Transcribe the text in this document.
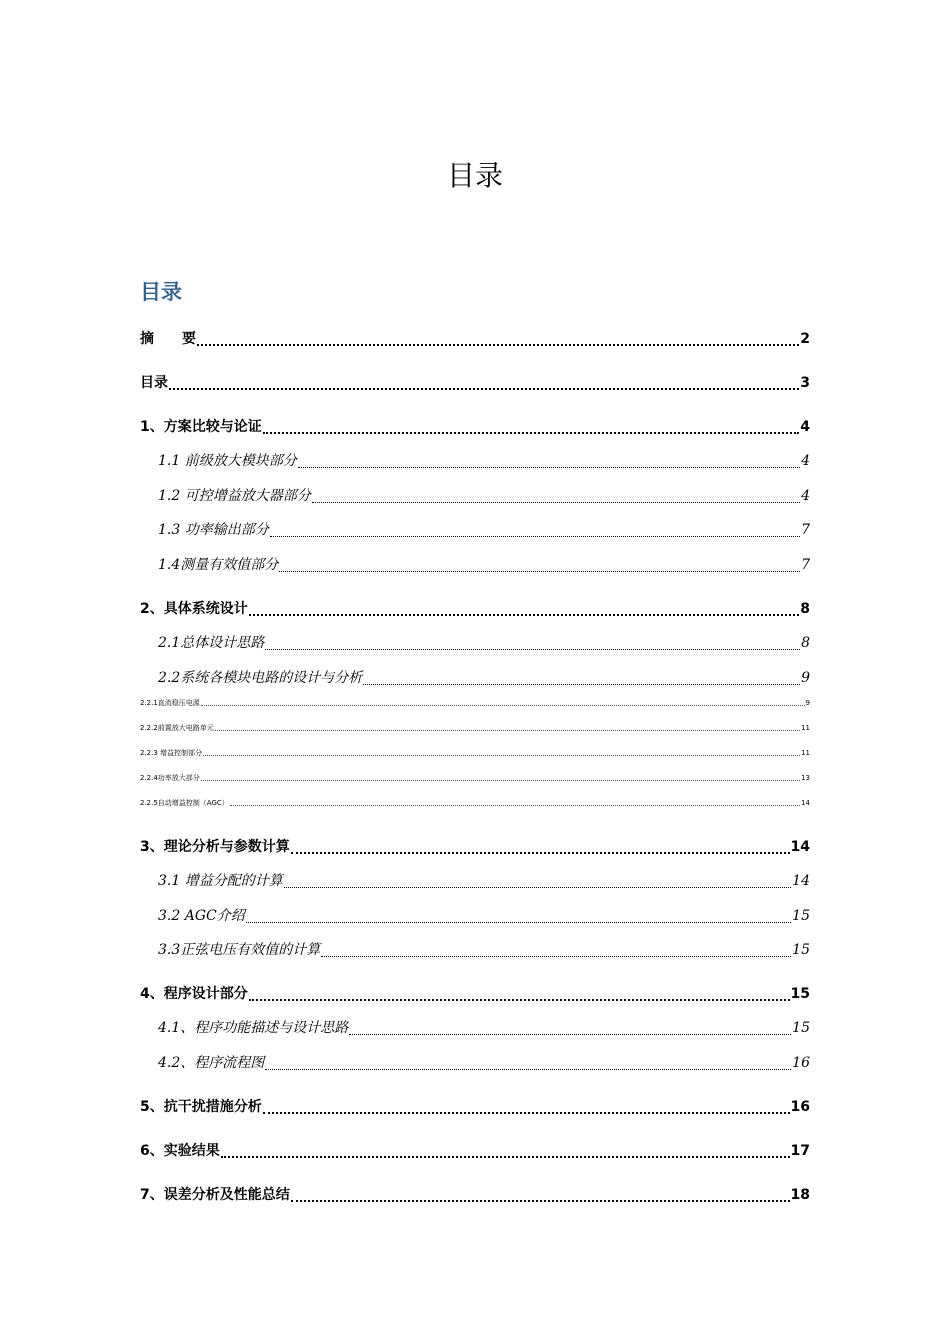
目录
目录
摘　　要	2
目录	3
1、方案比较与论证	4
1.1 前级放大模块部分	4
1.2 可控增益放大器部分	4
1.3 功率输出部分	7
1.4测量有效值部分	7
2、具体系统设计	8
2.1总体设计思路	8
2.2系统各模块电路的设计与分析	9
2.2.1直流稳压电源	9
2.2.2前置放大电路单元	11
2.2.3 增益控制部分	11
2.2.4功率放大部分	13
2.2.5自动增益控制（AGC）	14
3、理论分析与参数计算	14
3.1 增益分配的计算	14
3.2 AGC介绍	15
3.3正弦电压有效值的计算	15
4、程序设计部分	15
4.1、程序功能描述与设计思路	15
4.2、程序流程图	16
5、抗干扰措施分析	16
6、实验结果	17
7、误差分析及性能总结	18
